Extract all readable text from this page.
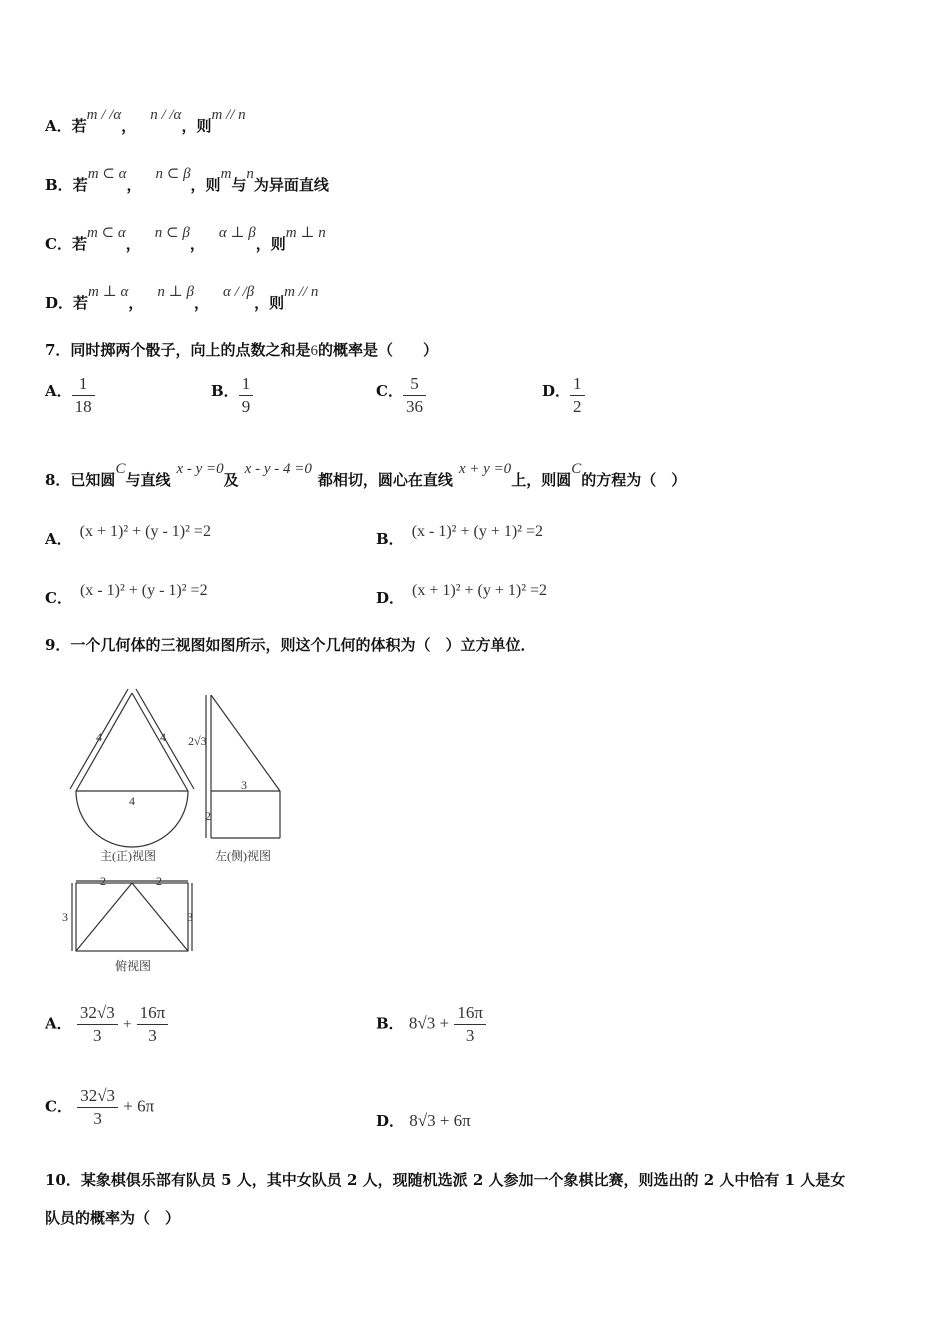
A．若m / /α，n / /α，则m // n
B．若m ⊂ α，n ⊂ β，则m与n为异面直线
C．若m ⊂ α，n ⊂ β，α ⊥ β，则m ⊥ n
D．若m ⊥ α，n ⊥ β，α / /β，则m // n
7．同时掷两个骰子，向上的点数之和是6的概率是（　　）
A． $\frac{1}{18}$	B． $\frac{1}{9}$	C． $\frac{5}{36}$	D． $\frac{1}{2}$
8．已知圆C与直线x - y =0及x - y - 4 =0都相切，圆心在直线x + y =0上，则圆C的方程为（　）
A． (x + 1)² + (y - 1)² =2	B． (x - 1)² + (y + 1)² =2
C． (x - 1)² + (y - 1)² =2	D． (x + 1)² + (y + 1)² =2
9．一个几何体的三视图如图所示，则这个几何的体积为（　）立方单位．
4	4
4
主(正)视图
2√3
3
2
左(侧)视图
2	2
3	3
俯视图
A． $\frac{32√3}{3} + \frac{16\pi}{3}$	B． $8√3 + \frac{16\pi}{3}$
C． $\frac{32√3}{3} + 6\pi$
D． 8√3 + 6π
10．某象棋俱乐部有队员 5 人，其中女队员 2 人，现随机选派 2 人参加一个象棋比赛，则选出的 2 人中恰有 1 人是女
队员的概率为（　）
